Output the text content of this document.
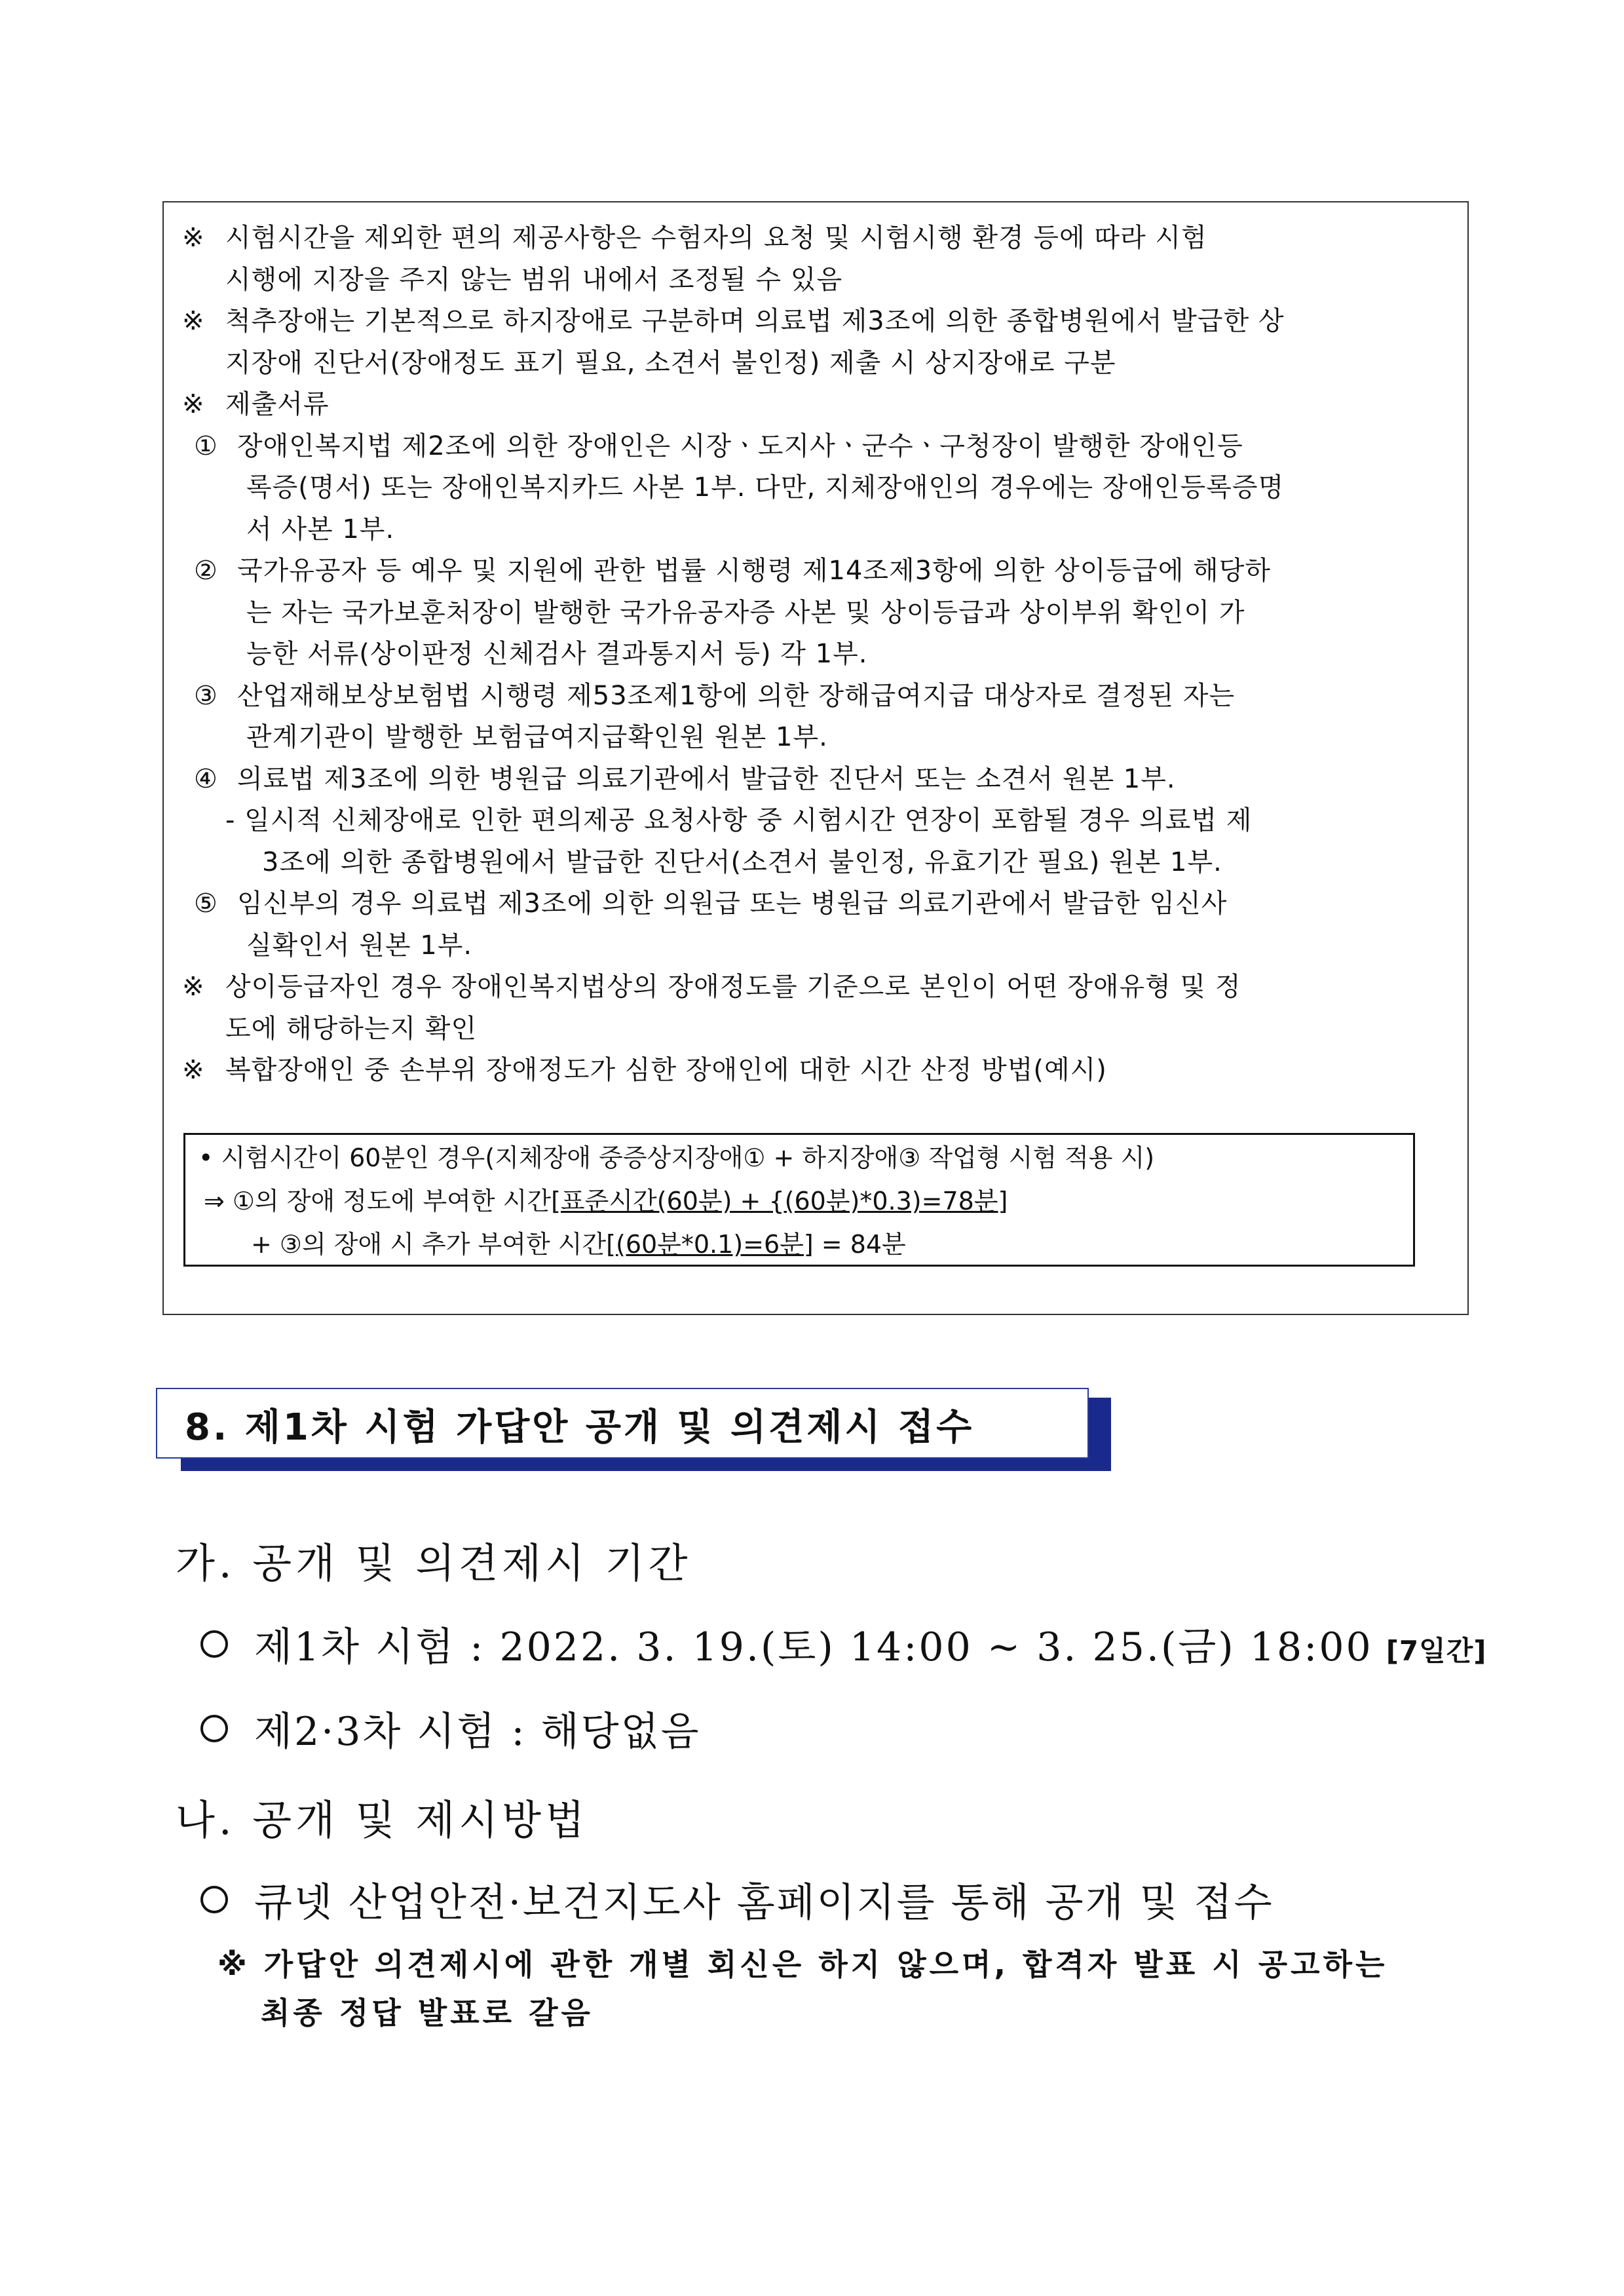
※ 시험시간을 제외한 편의 제공사항은 수험자의 요청 및 시험시행 환경 등에 따라 시험
시행에 지장을 주지 않는 범위 내에서 조정될 수 있음
※ 척추장애는 기본적으로 하지장애로 구분하며 의료법 제3조에 의한 종합병원에서 발급한 상
지장애 진단서(장애정도 표기 필요, 소견서 불인정) 제출 시 상지장애로 구분
※ 제출서류
① 장애인복지법 제2조에 의한 장애인은 시장ㆍ도지사ㆍ군수ㆍ구청장이 발행한 장애인등
록증(명서) 또는 장애인복지카드 사본 1부. 다만, 지체장애인의 경우에는 장애인등록증명
서 사본 1부.
② 국가유공자 등 예우 및 지원에 관한 법률 시행령 제14조제3항에 의한 상이등급에 해당하
는 자는 국가보훈처장이 발행한 국가유공자증 사본 및 상이등급과 상이부위 확인이 가
능한 서류(상이판정 신체검사 결과통지서 등) 각 1부.
③ 산업재해보상보험법 시행령 제53조제1항에 의한 장해급여지급 대상자로 결정된 자는
관계기관이 발행한 보험급여지급확인원 원본 1부.
④ 의료법 제3조에 의한 병원급 의료기관에서 발급한 진단서 또는 소견서 원본 1부.
- 일시적 신체장애로 인한 편의제공 요청사항 중 시험시간 연장이 포함될 경우 의료법 제
3조에 의한 종합병원에서 발급한 진단서(소견서 불인정, 유효기간 필요) 원본 1부.
⑤ 임신부의 경우 의료법 제3조에 의한 의원급 또는 병원급 의료기관에서 발급한 임신사
실확인서 원본 1부.
※ 상이등급자인 경우 장애인복지법상의 장애정도를 기준으로 본인이 어떤 장애유형 및 정
도에 해당하는지 확인
※ 복합장애인 중 손부위 장애정도가 심한 장애인에 대한 시간 산정 방법(예시)
• 시험시간이 60분인 경우(지체장애 중증상지장애① + 하지장애③ 작업형 시험 적용 시)
⇒ ①의 장애 정도에 부여한 시간[표준시간(60분) + {(60분)*0.3)=78분]
+ ③의 장애 시 추가 부여한 시간[(60분*0.1)=6분] = 84분
8. 제1차 시험 가답안 공개 및 의견제시 접수
가. 공개 및 의견제시 기간
제1차 시험 : 2022. 3. 19.(토) 14:00 ~ 3. 25.(금) 18:00 [7일간]
제2·3차 시험 : 해당없음
나. 공개 및 제시방법
큐넷 산업안전·보건지도사 홈페이지를 통해 공개 및 접수
※ 가답안 의견제시에 관한 개별 회신은 하지 않으며, 합격자 발표 시 공고하는
최종 정답 발표로 갈음
